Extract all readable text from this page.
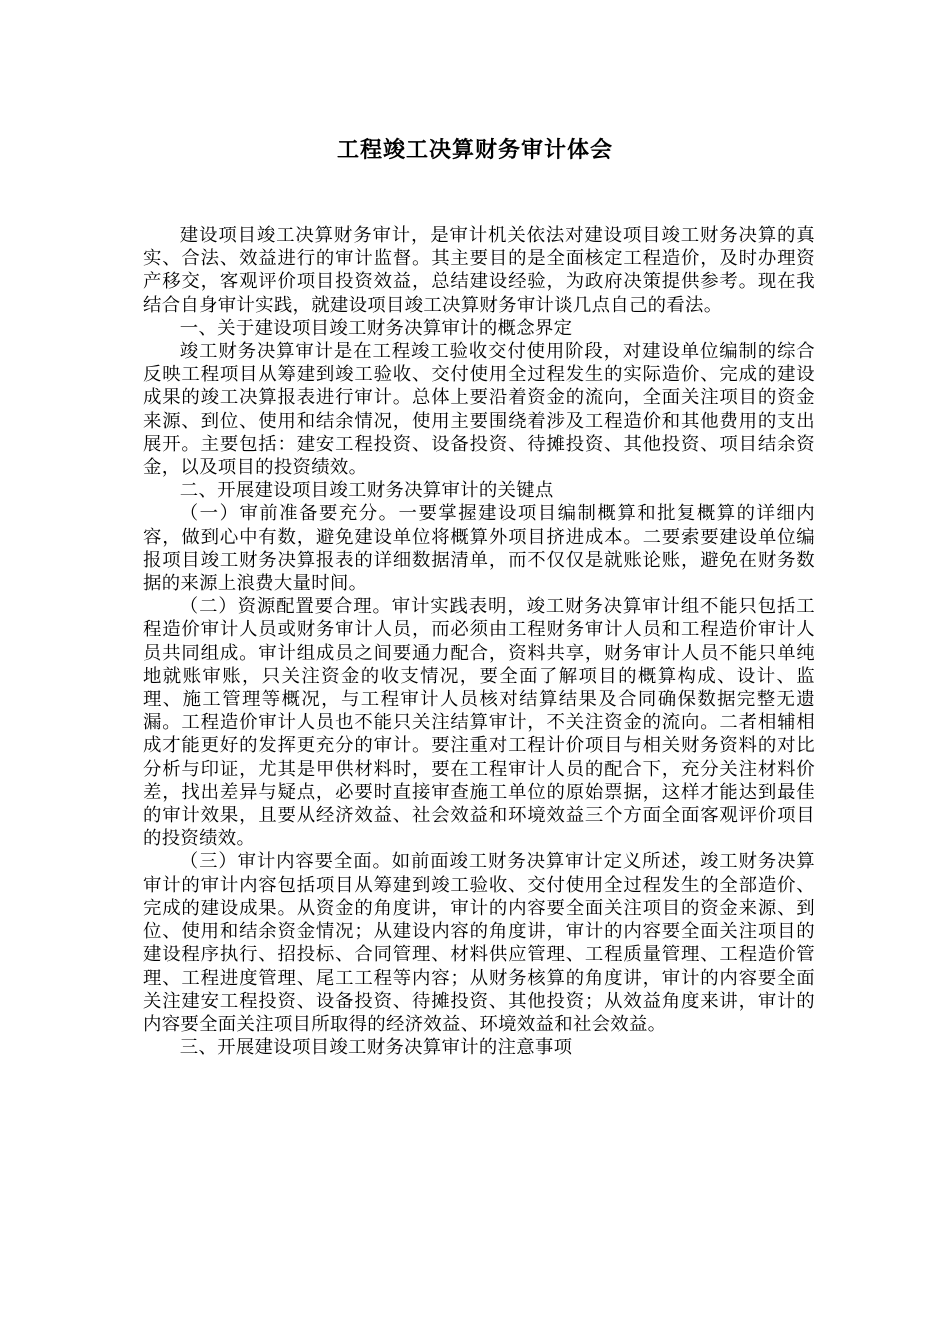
工程竣工决算财务审计体会

建设项目竣工决算财务审计，是审计机关依法对建设项目竣工财务决算的真实、合法、效益进行的审计监督。其主要目的是全面核定工程造价，及时办理资产移交，客观评价项目投资效益，总结建设经验，为政府决策提供参考。现在我结合自身审计实践，就建设项目竣工决算财务审计谈几点自己的看法。

一、关于建设项目竣工财务决算审计的概念界定

竣工财务决算审计是在工程竣工验收交付使用阶段，对建设单位编制的综合反映工程项目从筹建到竣工验收、交付使用全过程发生的实际造价、完成的建设成果的竣工决算报表进行审计。总体上要沿着资金的流向，全面关注项目的资金来源、到位、使用和结余情况，使用主要围绕着涉及工程造价和其他费用的支出展开。主要包括：建安工程投资、设备投资、待摊投资、其他投资、项目结余资金，以及项目的投资绩效。

二、开展建设项目竣工财务决算审计的关键点

（一）审前准备要充分。一要掌握建设项目编制概算和批复概算的详细内容，做到心中有数，避免建设单位将概算外项目挤进成本。二要索要建设单位编报项目竣工财务决算报表的详细数据清单，而不仅仅是就账论账，避免在财务数据的来源上浪费大量时间。

（二）资源配置要合理。审计实践表明，竣工财务决算审计组不能只包括工程造价审计人员或财务审计人员，而必须由工程财务审计人员和工程造价审计人员共同组成。审计组成员之间要通力配合，资料共享，财务审计人员不能只单纯地就账审账，只关注资金的收支情况，要全面了解项目的概算构成、设计、监理、施工管理等概况，与工程审计人员核对结算结果及合同确保数据完整无遗漏。工程造价审计人员也不能只关注结算审计，不关注资金的流向。二者相辅相成才能更好的发挥更充分的审计。要注重对工程计价项目与相关财务资料的对比分析与印证，尤其是甲供材料时，要在工程审计人员的配合下，充分关注材料价差，找出差异与疑点，必要时直接审查施工单位的原始票据，这样才能达到最佳的审计效果，且要从经济效益、社会效益和环境效益三个方面全面客观评价项目的投资绩效。

（三）审计内容要全面。如前面竣工财务决算审计定义所述，竣工财务决算审计的审计内容包括项目从筹建到竣工验收、交付使用全过程发生的全部造价、完成的建设成果。从资金的角度讲，审计的内容要全面关注项目的资金来源、到位、使用和结余资金情况；从建设内容的角度讲，审计的内容要全面关注项目的建设程序执行、招投标、合同管理、材料供应管理、工程质量管理、工程造价管理、工程进度管理、尾工工程等内容；从财务核算的角度讲，审计的内容要全面关注建安工程投资、设备投资、待摊投资、其他投资；从效益角度来讲，审计的内容要全面关注项目所取得的经济效益、环境效益和社会效益。

三、开展建设项目竣工财务决算审计的注意事项
